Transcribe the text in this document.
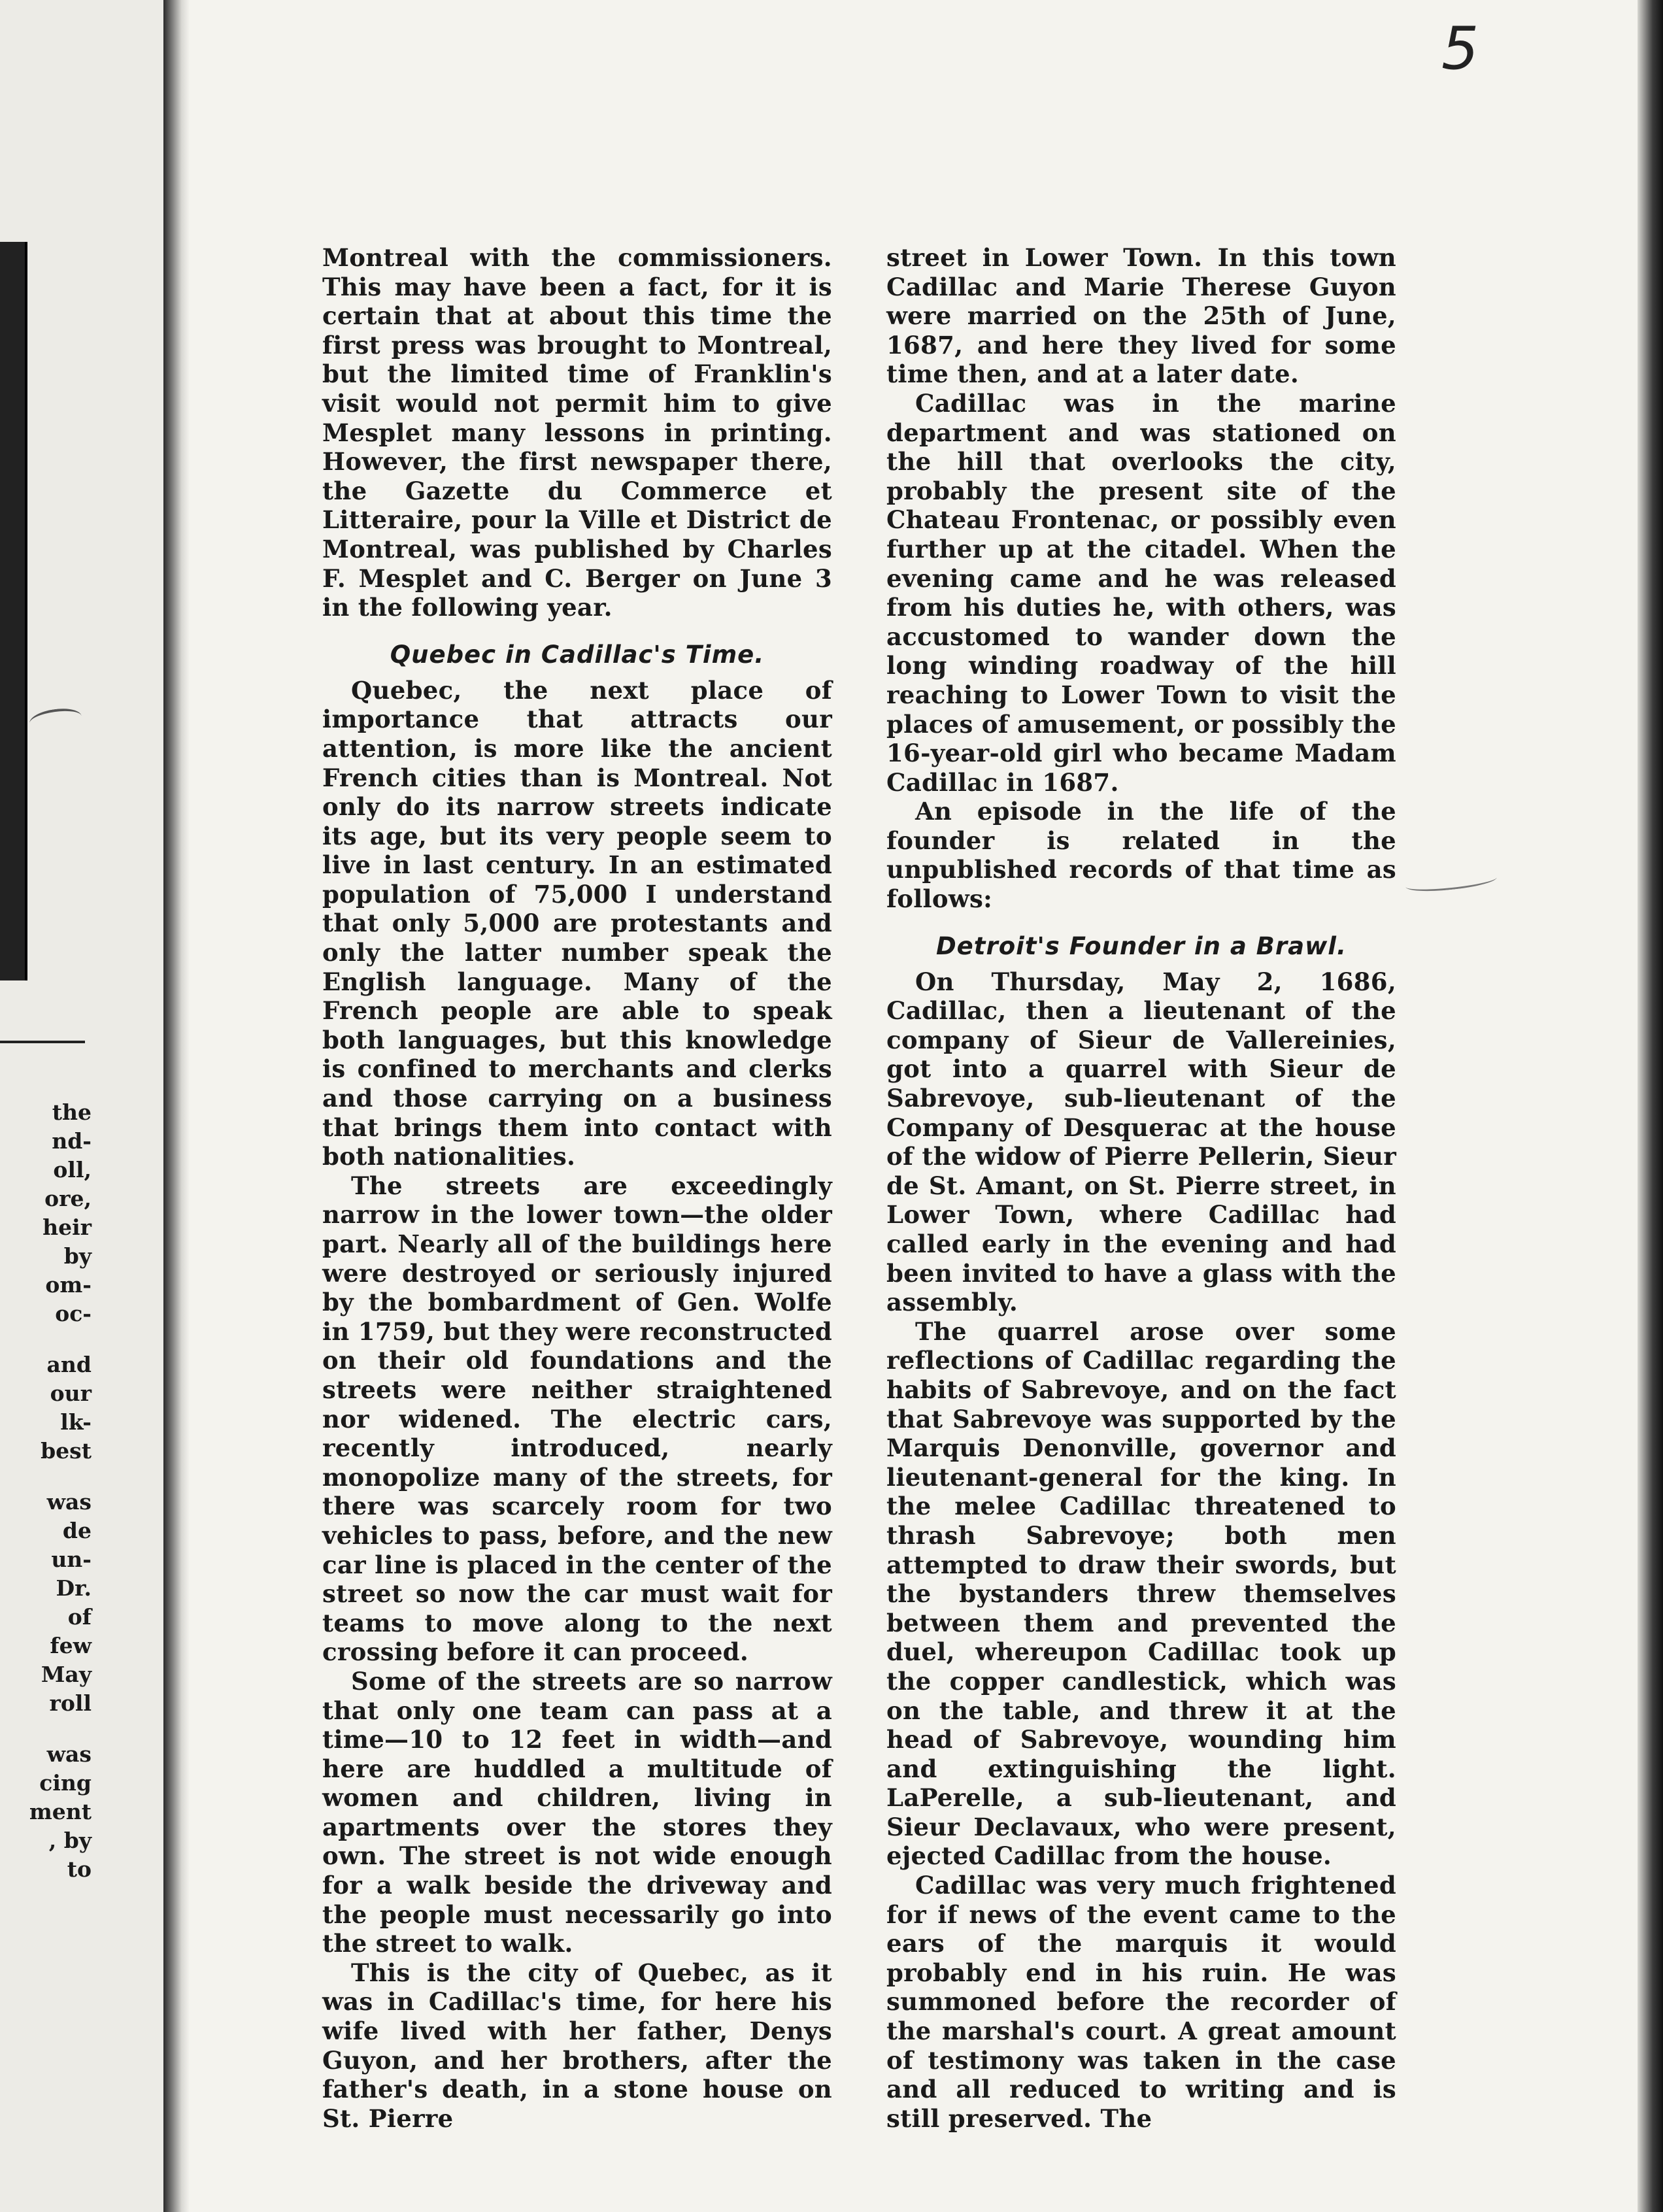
the
nd-
oll,
ore,
heir
by
om-
oc-
and
our
lk-
best
was
de
un-
Dr.
of
few
May
roll
was
cing
ment
, by
to
5

Montreal with the commissioners. This may have been a fact, for it is certain that at about this time the first press was brought to Montreal, but the limited time of Franklin's visit would not permit him to give Mesplet many lessons in printing. However, the first newspaper there, the Gazette du Commerce et Litteraire, pour la Ville et District de Montreal, was published by Charles F. Mesplet and C. Berger on June 3 in the following year.

Quebec in Cadillac's Time.

Quebec, the next place of importance that attracts our attention, is more like the ancient French cities than is Montreal. Not only do its narrow streets indicate its age, but its very people seem to live in last century. In an estimated population of 75,000 I understand that only 5,000 are protestants and only the latter number speak the English language. Many of the French people are able to speak both languages, but this knowledge is confined to merchants and clerks and those carrying on a business that brings them into contact with both nationalities.

The streets are exceedingly narrow in the lower town—the older part. Nearly all of the buildings here were destroyed or seriously injured by the bombardment of Gen. Wolfe in 1759, but they were reconstructed on their old foundations and the streets were neither straightened nor widened. The electric cars, recently introduced, nearly monopolize many of the streets, for there was scarcely room for two vehicles to pass, before, and the new car line is placed in the center of the street so now the car must wait for teams to move along to the next crossing before it can proceed.

Some of the streets are so narrow that only one team can pass at a time—10 to 12 feet in width—and here are huddled a multitude of women and children, living in apartments over the stores they own. The street is not wide enough for a walk beside the driveway and the people must necessarily go into the street to walk.

This is the city of Quebec, as it was in Cadillac's time, for here his wife lived with her father, Denys Guyon, and her brothers, after the father's death, in a stone house on St. Pierre

street in Lower Town. In this town Cadillac and Marie Therese Guyon were married on the 25th of June, 1687, and here they lived for some time then, and at a later date.

Cadillac was in the marine department and was stationed on the hill that overlooks the city, probably the present site of the Chateau Frontenac, or possibly even further up at the citadel. When the evening came and he was released from his duties he, with others, was accustomed to wander down the long winding roadway of the hill reaching to Lower Town to visit the places of amusement, or possibly the 16-year-old girl who became Madam Cadillac in 1687.

An episode in the life of the founder is related in the unpublished records of that time as follows:

Detroit's Founder in a Brawl.

On Thursday, May 2, 1686, Cadillac, then a lieutenant of the company of Sieur de Vallereinies, got into a quarrel with Sieur de Sabrevoye, sub-lieutenant of the Company of Desquerac at the house of the widow of Pierre Pellerin, Sieur de St. Amant, on St. Pierre street, in Lower Town, where Cadillac had called early in the evening and had been invited to have a glass with the assembly.

The quarrel arose over some reflections of Cadillac regarding the habits of Sabrevoye, and on the fact that Sabrevoye was supported by the Marquis Denonville, governor and lieutenant-general for the king. In the melee Cadillac threatened to thrash Sabrevoye; both men attempted to draw their swords, but the bystanders threw themselves between them and prevented the duel, whereupon Cadillac took up the copper candlestick, which was on the table, and threw it at the head of Sabrevoye, wounding him and extinguishing the light. LaPerelle, a sub-lieutenant, and Sieur Declavaux, who were present, ejected Cadillac from the house.

Cadillac was very much frightened for if news of the event came to the ears of the marquis it would probably end in his ruin. He was summoned before the recorder of the marshal's court. A great amount of testimony was taken in the case and all reduced to writing and is still preserved. The
